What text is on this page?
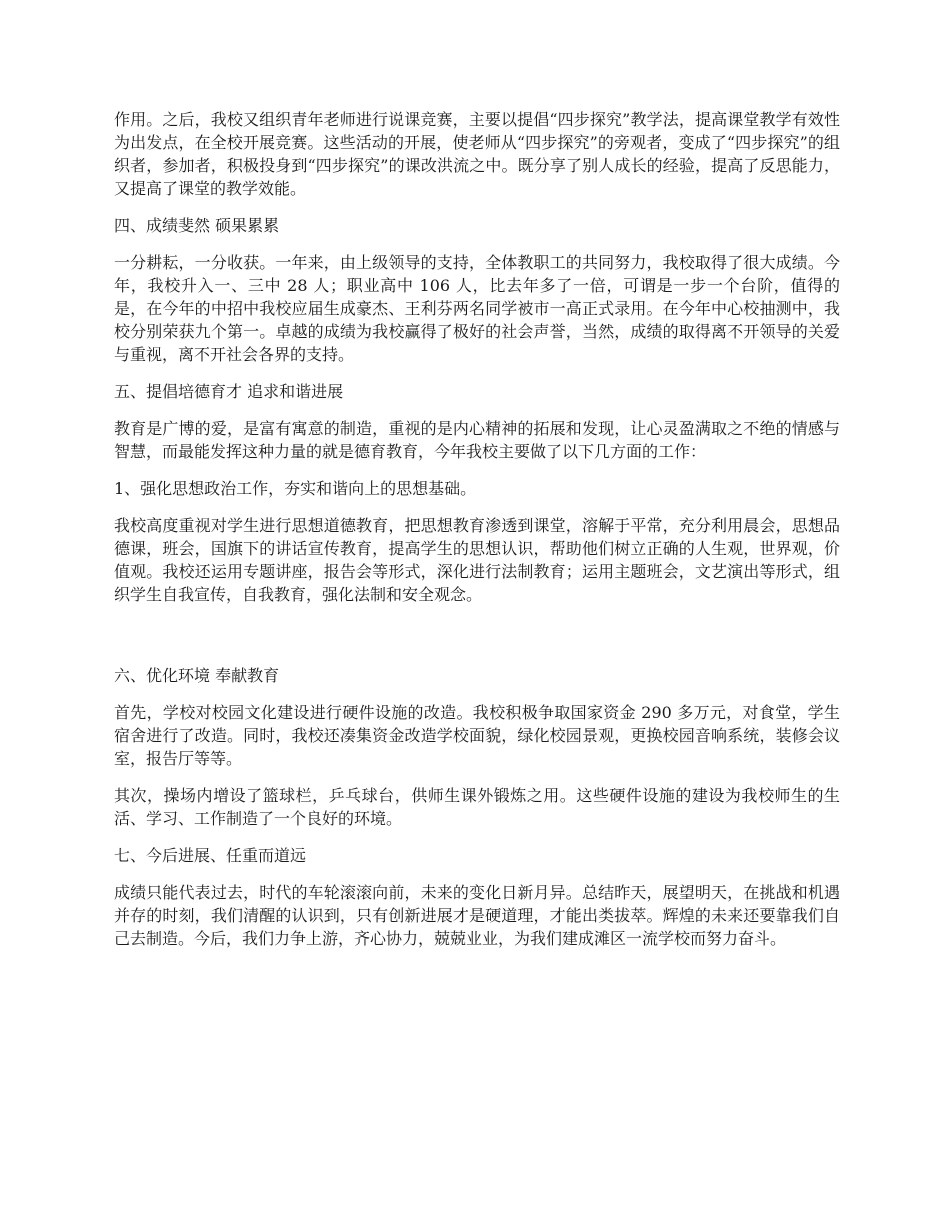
作用。之后，我校又组织青年老师进行说课竞赛，主要以提倡“四步探究”教学法，提高课堂教学有效性为出发点，在全校开展竞赛。这些活动的开展，使老师从“四步探究”的旁观者，变成了“四步探究”的组织者，参加者，积极投身到“四步探究”的课改洪流之中。既分享了别人成长的经验，提高了反思能力，又提高了课堂的教学效能。

四、成绩斐然 硕果累累

一分耕耘，一分收获。一年来，由上级领导的支持，全体教职工的共同努力，我校取得了很大成绩。今年，我校升入一、三中 28 人；职业高中 106 人，比去年多了一倍，可谓是一步一个台阶，值得的是，在今年的中招中我校应届生成豪杰、王利芬两名同学被市一高正式录用。在今年中心校抽测中，我校分别荣获九个第一。卓越的成绩为我校赢得了极好的社会声誉，当然，成绩的取得离不开领导的关爱与重视，离不开社会各界的支持。

五、提倡培德育才 追求和谐进展

教育是广博的爱，是富有寓意的制造，重视的是内心精神的拓展和发现，让心灵盈满取之不绝的情感与智慧，而最能发挥这种力量的就是德育教育，今年我校主要做了以下几方面的工作：

1、强化思想政治工作，夯实和谐向上的思想基础。

我校高度重视对学生进行思想道德教育，把思想教育渗透到课堂，溶解于平常，充分利用晨会，思想品德课，班会，国旗下的讲话宣传教育，提高学生的思想认识，帮助他们树立正确的人生观，世界观，价值观。我校还运用专题讲座，报告会等形式，深化进行法制教育；运用主题班会，文艺演出等形式，组织学生自我宣传，自我教育，强化法制和安全观念。

六、优化环境 奉献教育

首先，学校对校园文化建设进行硬件设施的改造。我校积极争取国家资金 290 多万元，对食堂，学生宿舍进行了改造。同时，我校还凑集资金改造学校面貌，绿化校园景观，更换校园音响系统，装修会议室，报告厅等等。

其次，操场内增设了篮球栏，乒乓球台，供师生课外锻炼之用。这些硬件设施的建设为我校师生的生活、学习、工作制造了一个良好的环境。

七、今后进展、任重而道远

成绩只能代表过去，时代的车轮滚滚向前，未来的变化日新月异。总结昨天，展望明天，在挑战和机遇并存的时刻，我们清醒的认识到，只有创新进展才是硬道理，才能出类拔萃。辉煌的未来还要靠我们自己去制造。今后，我们力争上游，齐心协力，兢兢业业，为我们建成滩区一流学校而努力奋斗。
